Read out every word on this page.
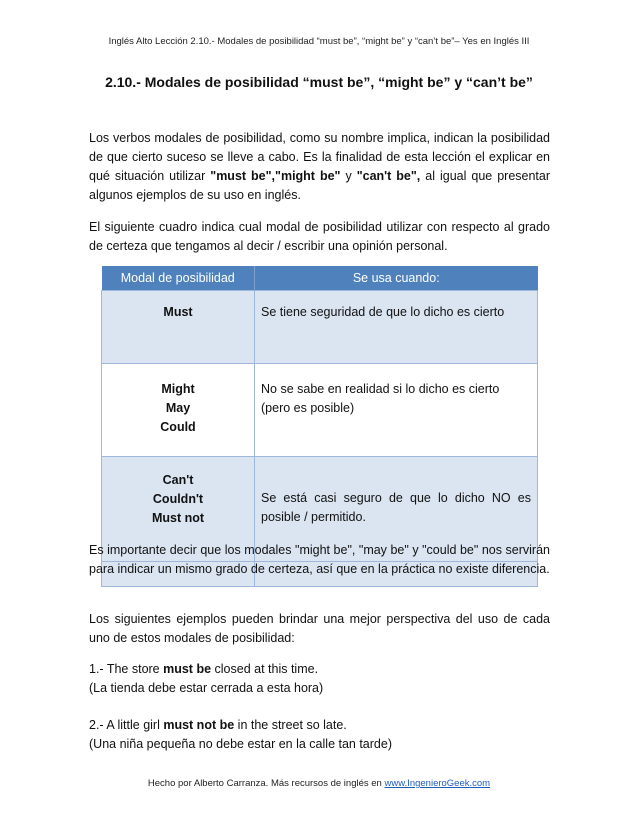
Inglés Alto Lección 2.10.- Modales de posibilidad “must be”, “might be” y “can’t be”– Yes en Inglés III
2.10.- Modales de posibilidad “must be”, “might be” y “can’t be”

Los verbos modales de posibilidad, como su nombre implica, indican la posibilidad de que cierto suceso se lleve a cabo. Es la finalidad de esta lección el explicar en qué situación utilizar "must be","might be" y "can't be", al igual que presentar algunos ejemplos de su uso en inglés.

El siguiente cuadro indica cual modal de posibilidad utilizar con respecto al grado de certeza que tengamos al decir / escribir una opinión personal.

Modal de posibilidad	Se usa cuando:
Must	Se tiene seguridad de que lo dicho es cierto

Might
May
Could	No se sabe en realidad si lo dicho es cierto
(pero es posible)

Can't
Couldn't
Must not	Se está casi seguro de que lo dicho NO es posible / permitido.

Es importante decir que los modales "might be", "may be" y "could be" nos servirán para indicar un mismo grado de certeza, así que en la práctica no existe diferencia.

Los siguientes ejemplos pueden brindar una mejor perspectiva del uso de cada uno de estos modales de posibilidad:

1.- The store must be closed at this time.
(La tienda debe estar cerrada a esta hora)

2.- A little girl must not be in the street so late.
(Una niña pequeña no debe estar en la calle tan tarde)

Hecho por Alberto Carranza. Más recursos de inglés en www.IngenieroGeek.com
